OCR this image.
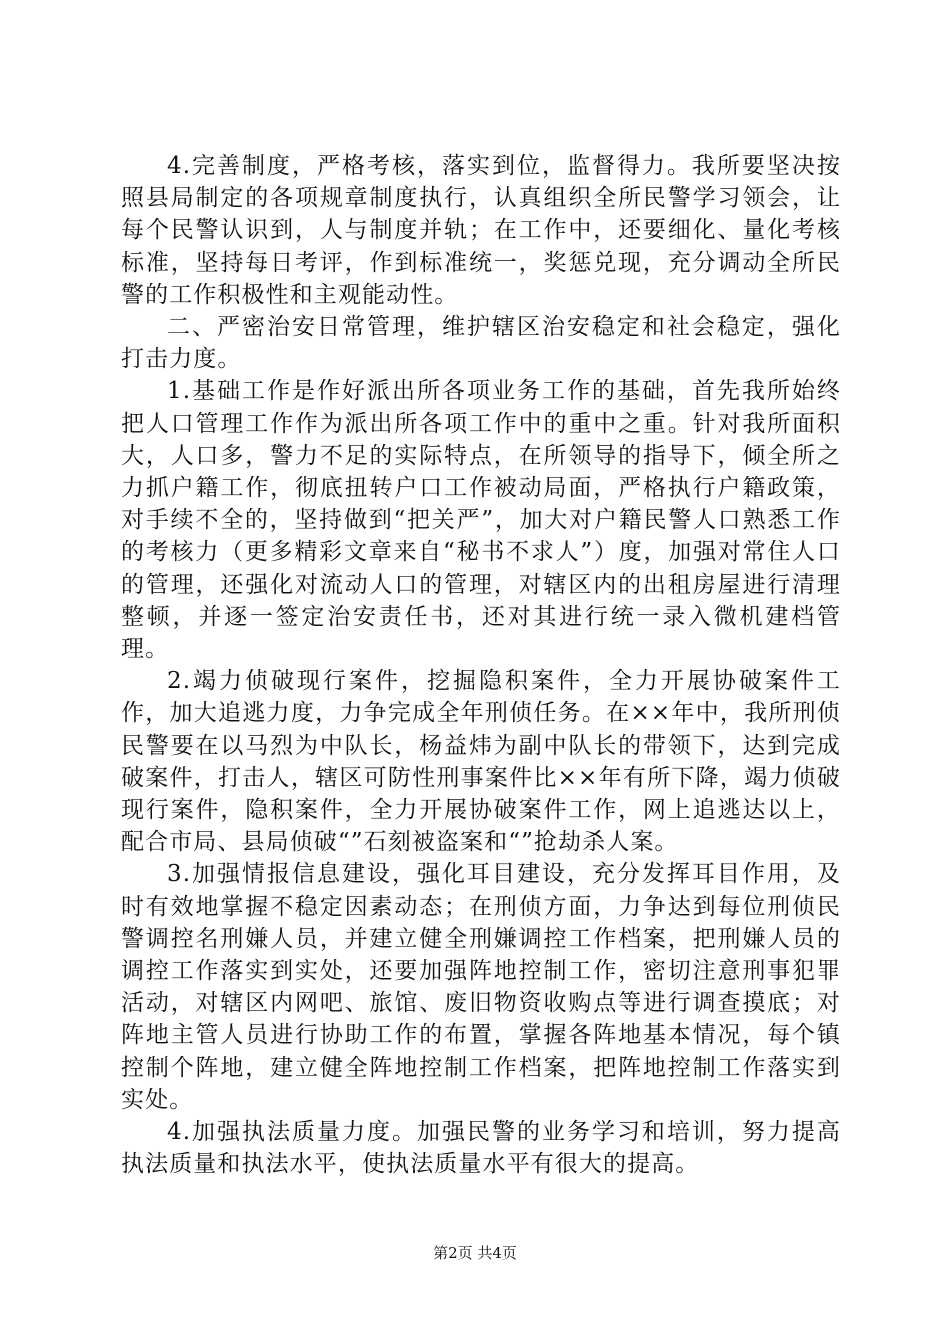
4.完善制度，严格考核，落实到位，监督得力。我所要坚决按照县局制定的各项规章制度执行，认真组织全所民警学习领会，让每个民警认识到，人与制度并轨；在工作中，还要细化、量化考核标准，坚持每日考评，作到标准统一，奖惩兑现，充分调动全所民警的工作积极性和主观能动性。

二、严密治安日常管理，维护辖区治安稳定和社会稳定，强化打击力度。

1.基础工作是作好派出所各项业务工作的基础，首先我所始终把人口管理工作作为派出所各项工作中的重中之重。针对我所面积大，人口多，警力不足的实际特点，在所领导的指导下，倾全所之力抓户籍工作，彻底扭转户口工作被动局面，严格执行户籍政策，对手续不全的，坚持做到“把关严”，加大对户籍民警人口熟悉工作的考核力（更多精彩文章来自“秘书不求人”）度，加强对常住人口的管理，还强化对流动人口的管理，对辖区内的出租房屋进行清理整顿，并逐一签定治安责任书，还对其进行统一录入微机建档管理。

2.竭力侦破现行案件，挖掘隐积案件，全力开展协破案件工作，加大追逃力度，力争完成全年刑侦任务。在××年中，我所刑侦民警要在以马烈为中队长，杨益炜为副中队长的带领下，达到完成破案件，打击人，辖区可防性刑事案件比××年有所下降，竭力侦破现行案件，隐积案件，全力开展协破案件工作，网上追逃达以上，配合市局、县局侦破“”石刻被盗案和“”抢劫杀人案。

3.加强情报信息建设，强化耳目建设，充分发挥耳目作用，及时有效地掌握不稳定因素动态；在刑侦方面，力争达到每位刑侦民警调控名刑嫌人员，并建立健全刑嫌调控工作档案，把刑嫌人员的调控工作落实到实处，还要加强阵地控制工作，密切注意刑事犯罪活动，对辖区内网吧、旅馆、废旧物资收购点等进行调查摸底；对阵地主管人员进行协助工作的布置，掌握各阵地基本情况，每个镇控制个阵地，建立健全阵地控制工作档案，把阵地控制工作落实到实处。

4.加强执法质量力度。加强民警的业务学习和培训，努力提高执法质量和执法水平，使执法质量水平有很大的提高。

第2页 共4页
